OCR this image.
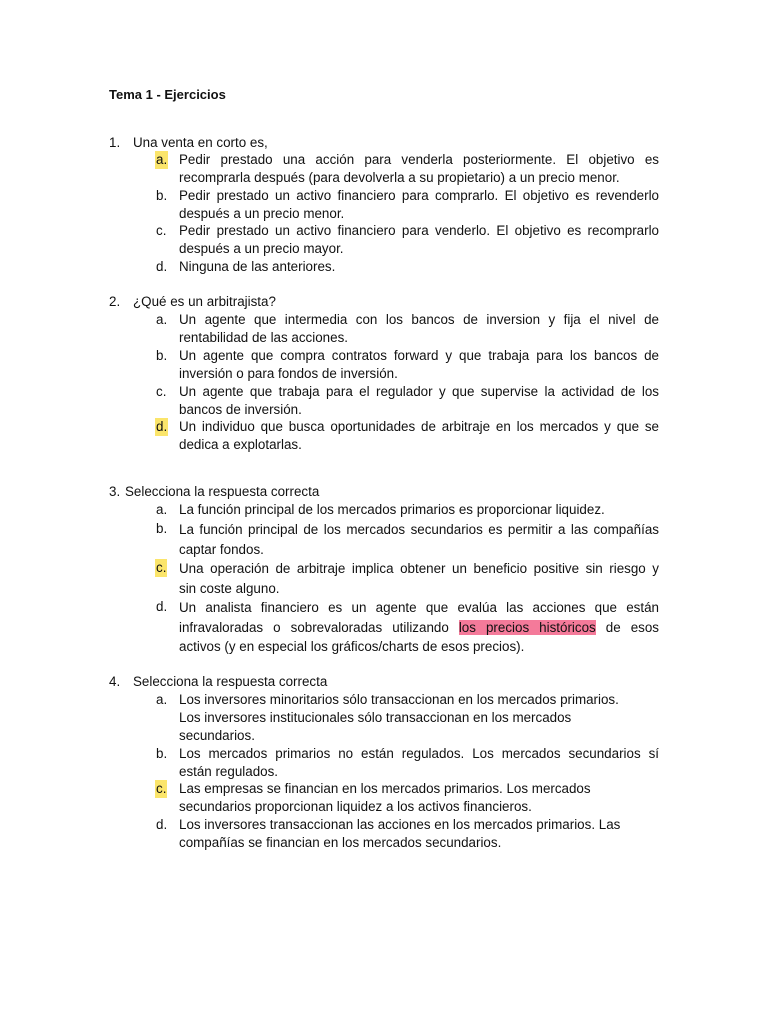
Tema 1 - Ejercicios
1. Una venta en corto es,
a. Pedir prestado una acción para venderla posteriormente. El objetivo es
recomprarla después (para devolverla a su propietario) a un precio menor.
b. Pedir prestado un activo financiero para comprarlo. El objetivo es revenderlo
después a un precio menor.
c. Pedir prestado un activo financiero para venderlo. El objetivo es recomprarlo
después a un precio mayor.
d. Ninguna de las anteriores.
2. ¿Qué es un arbitrajista?
a. Un agente que intermedia con los bancos de inversion y fija el nivel de
rentabilidad de las acciones.
b. Un agente que compra contratos forward y que trabaja para los bancos de
inversión o para fondos de inversión.
c. Un agente que trabaja para el regulador y que supervise la actividad de los
bancos de inversión.
d. Un individuo que busca oportunidades de arbitraje en los mercados y que se
dedica a explotarlas.
3. Selecciona la respuesta correcta
a. La función principal de los mercados primarios es proporcionar liquidez.
b. La función principal de los mercados secundarios es permitir a las compañías
captar fondos.
c. Una operación de arbitraje implica obtener un beneficio positive sin riesgo y
sin coste alguno.
d. Un analista financiero es un agente que evalúa las acciones que están
infravaloradas o sobrevaloradas utilizando los precios históricos de esos
activos (y en especial los gráficos/charts de esos precios).
4. Selecciona la respuesta correcta
a. Los inversores minoritarios sólo transaccionan en los mercados primarios.
Los inversores institucionales sólo transaccionan en los mercados
secundarios.
b. Los mercados primarios no están regulados. Los mercados secundarios sí
están regulados.
c. Las empresas se financian en los mercados primarios. Los mercados
secundarios proporcionan liquidez a los activos financieros.
d. Los inversores transaccionan las acciones en los mercados primarios. Las
compañías se financian en los mercados secundarios.
